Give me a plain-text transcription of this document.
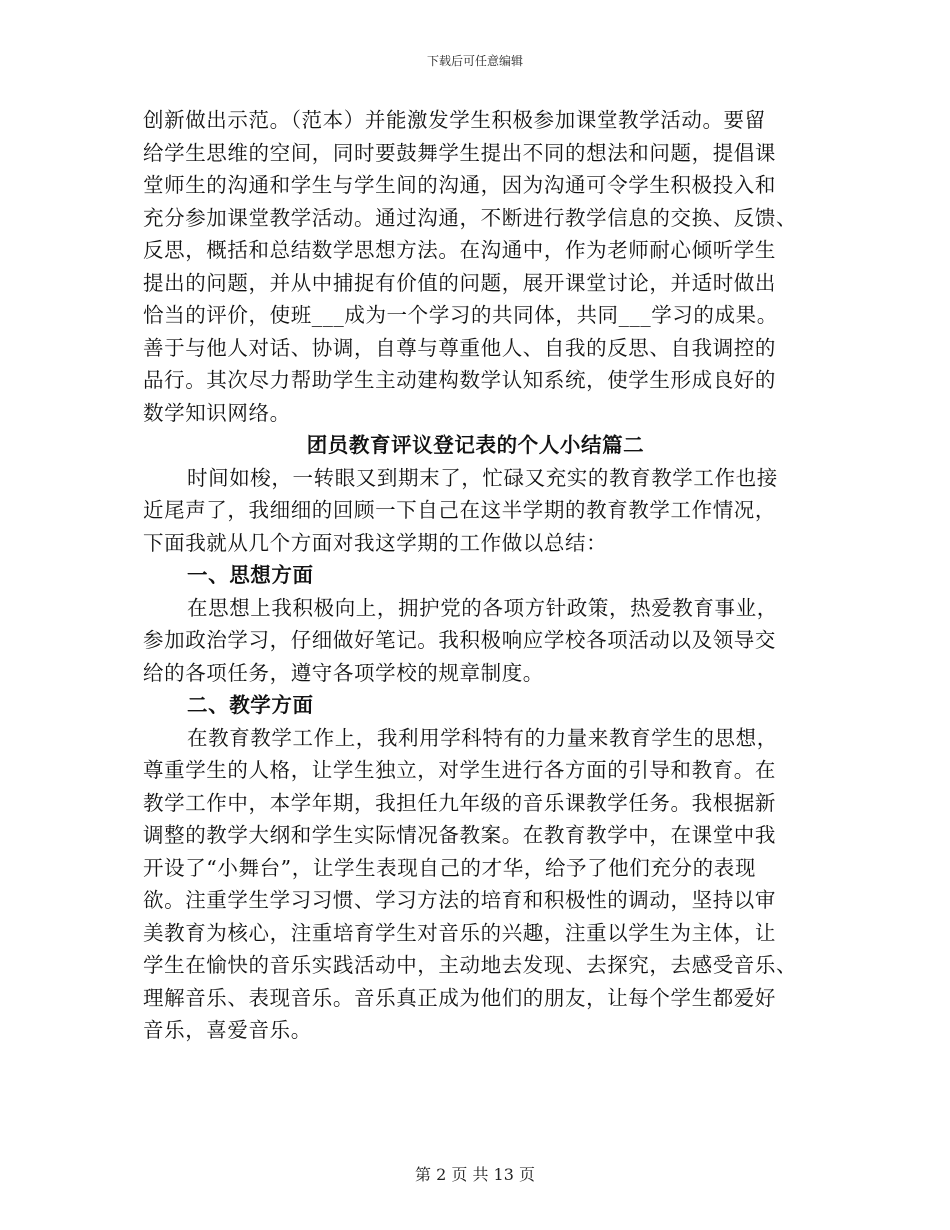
下载后可任意编辑
创新做出示范。（范本）并能激发学生积极参加课堂教学活动。要留
给学生思维的空间，同时要鼓舞学生提出不同的想法和问题，提倡课
堂师生的沟通和学生与学生间的沟通，因为沟通可令学生积极投入和
充分参加课堂教学活动。通过沟通，不断进行教学信息的交换、反馈、
反思，概括和总结数学思想方法。在沟通中，作为老师耐心倾听学生
提出的问题，并从中捕捉有价值的问题，展开课堂讨论，并适时做出
恰当的评价，使班___成为一个学习的共同体，共同___学习的成果。
善于与他人对话、协调，自尊与尊重他人、自我的反思、自我调控的
品行。其次尽力帮助学生主动建构数学认知系统，使学生形成良好的
数学知识网络。
团员教育评议登记表的个人小结篇二
时间如梭，一转眼又到期末了，忙碌又充实的教育教学工作也接
近尾声了，我细细的回顾一下自己在这半学期的教育教学工作情况，
下面我就从几个方面对我这学期的工作做以总结：
一、思想方面
在思想上我积极向上，拥护党的各项方针政策，热爱教育事业，
参加政治学习，仔细做好笔记。我积极响应学校各项活动以及领导交
给的各项任务，遵守各项学校的规章制度。
二、教学方面
在教育教学工作上，我利用学科特有的力量来教育学生的思想，
尊重学生的人格，让学生独立，对学生进行各方面的引导和教育。在
教学工作中，本学年期，我担任九年级的音乐课教学任务。我根据新
调整的教学大纲和学生实际情况备教案。在教育教学中，在课堂中我
开设了“小舞台”，让学生表现自己的才华，给予了他们充分的表现
欲。注重学生学习习惯、学习方法的培育和积极性的调动，坚持以审
美教育为核心，注重培育学生对音乐的兴趣，注重以学生为主体，让
学生在愉快的音乐实践活动中，主动地去发现、去探究，去感受音乐、
理解音乐、表现音乐。音乐真正成为他们的朋友，让每个学生都爱好
音乐，喜爱音乐。
第 2 页 共 13 页
